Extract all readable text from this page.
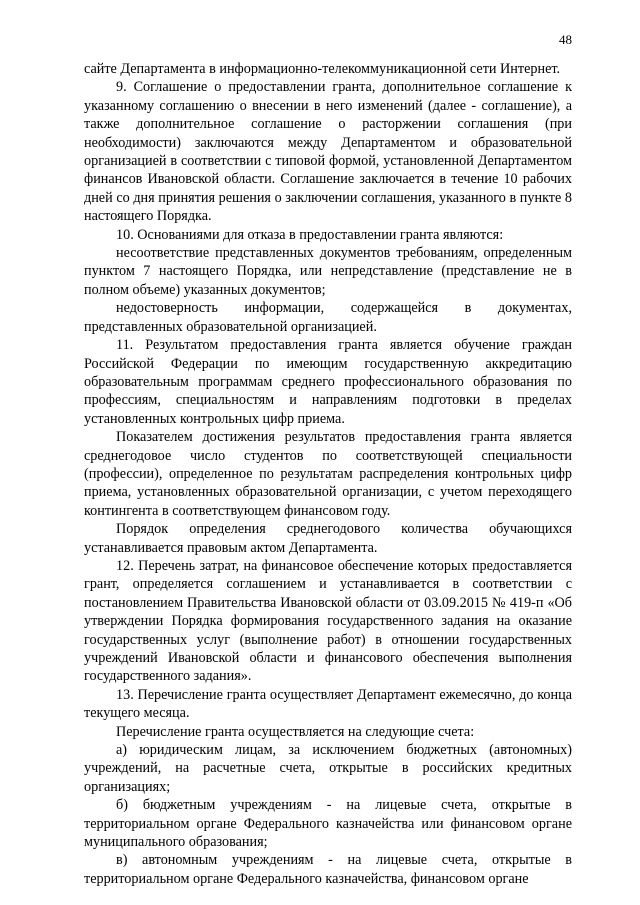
48

сайте Департамента в информационно-телекоммуникационной сети Интернет.

9. Соглашение о предоставлении гранта, дополнительное соглашение к указанному соглашению о внесении в него изменений (далее - соглашение), а также дополнительное соглашение о расторжении соглашения (при необходимости) заключаются между Департаментом и образовательной организацией в соответствии с типовой формой, установленной Департаментом финансов Ивановской области. Соглашение заключается в течение 10 рабочих дней со дня принятия решения о заключении соглашения, указанного в пункте 8 настоящего Порядка.

10. Основаниями для отказа в предоставлении гранта являются:

несоответствие представленных документов требованиям, определенным пунктом 7 настоящего Порядка, или непредставление (представление не в полном объеме) указанных документов;

недостоверность информации, содержащейся в документах, представленных образовательной организацией.

11. Результатом предоставления гранта является обучение граждан Российской Федерации по имеющим государственную аккредитацию образовательным программам среднего профессионального образования по профессиям, специальностям и направлениям подготовки в пределах установленных контрольных цифр приема.

Показателем достижения результатов предоставления гранта является среднегодовое число студентов по соответствующей специальности (профессии), определенное по результатам распределения контрольных цифр приема, установленных образовательной организации, с учетом переходящего контингента в соответствующем финансовом году.

Порядок определения среднегодового количества обучающихся устанавливается правовым актом Департамента.

12. Перечень затрат, на финансовое обеспечение которых предоставляется грант, определяется соглашением и устанавливается в соответствии с постановлением Правительства Ивановской области от 03.09.2015 № 419-п «Об утверждении Порядка формирования государственного задания на оказание государственных услуг (выполнение работ) в отношении государственных учреждений Ивановской области и финансового обеспечения выполнения государственного задания».

13. Перечисление гранта осуществляет Департамент ежемесячно, до конца текущего месяца.

Перечисление гранта осуществляется на следующие счета:

а) юридическим лицам, за исключением бюджетных (автономных) учреждений, на расчетные счета, открытые в российских кредитных организациях;

б) бюджетным учреждениям - на лицевые счета, открытые в территориальном органе Федерального казначейства или финансовом органе муниципального образования;

в) автономным учреждениям - на лицевые счета, открытые в территориальном органе Федерального казначейства, финансовом органе
